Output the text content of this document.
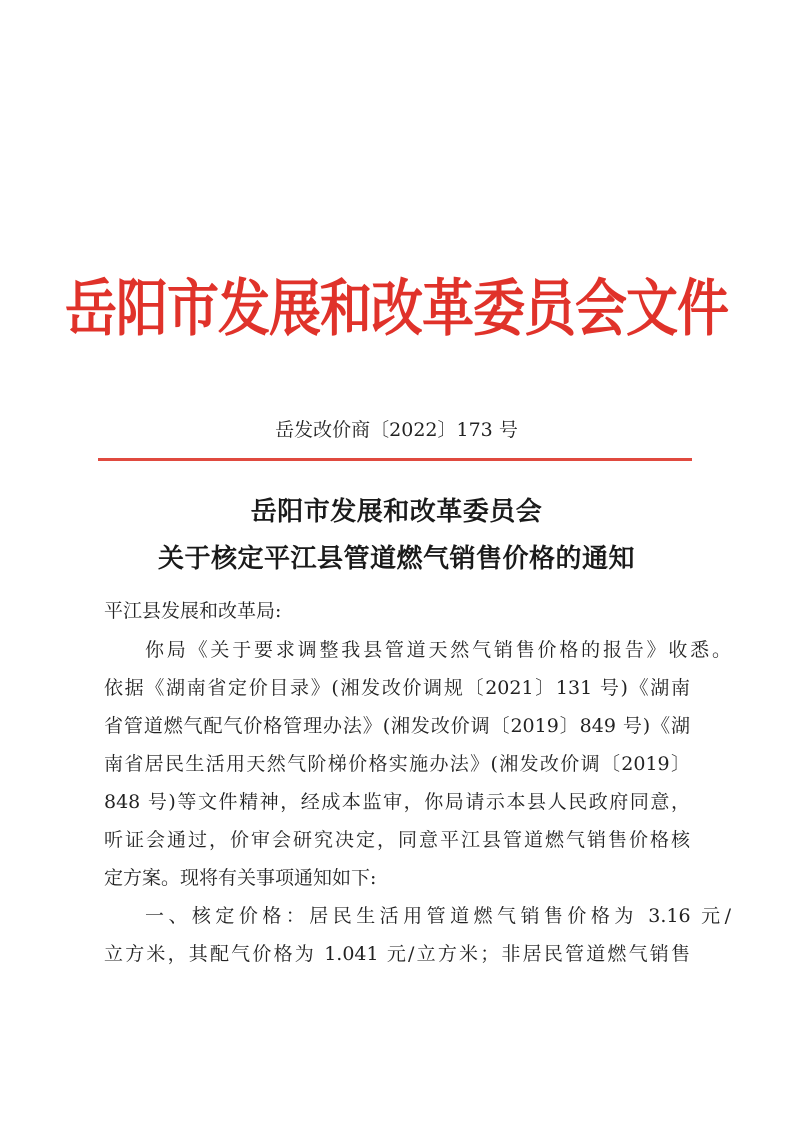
岳阳市发展和改革委员会文件
岳发改价商〔2022〕173 号
岳阳市发展和改革委员会
关于核定平江县管道燃气销售价格的通知
平江县发展和改革局:
你局《关于要求调整我县管道天然气销售价格的报告》收悉。
依据《湖南省定价目录》(湘发改价调规〔2021〕131 号)《湖南
省管道燃气配气价格管理办法》(湘发改价调〔2019〕849 号)《湖
南省居民生活用天然气阶梯价格实施办法》(湘发改价调〔2019〕
848 号)等文件精神，经成本监审，你局请示本县人民政府同意，
听证会通过，价审会研究决定，同意平江县管道燃气销售价格核
定方案。现将有关事项通知如下:
一、核定价格：居民生活用管道燃气销售价格为 3.16 元/
立方米，其配气价格为 1.041 元/立方米；非居民管道燃气销售
